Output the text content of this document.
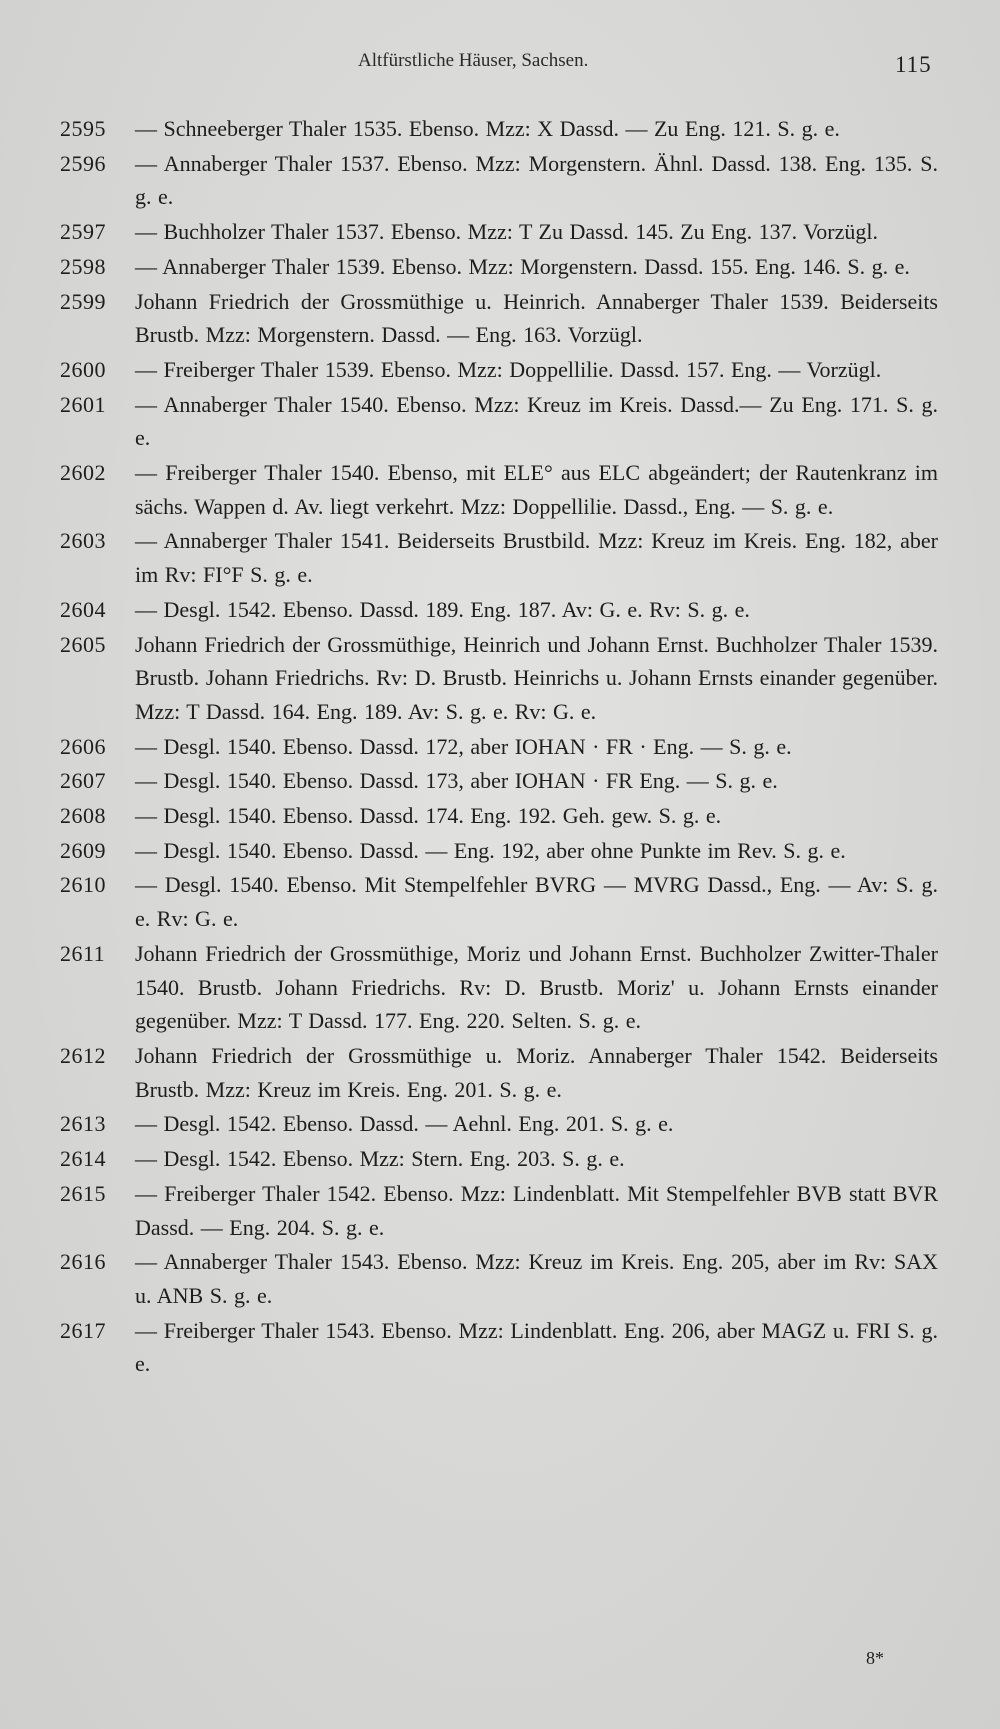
Altfürstliche Häuser, Sachsen.	115
2595 — Schneeberger Thaler 1535. Ebenso. Mzz: X Dassd. — Zu Eng. 121. S. g. e.
2596 — Annaberger Thaler 1537. Ebenso. Mzz: Morgenstern. Ähnl. Dassd. 138. Eng. 135. S. g. e.
2597 — Buchholzer Thaler 1537. Ebenso. Mzz: T Zu Dassd. 145. Zu Eng. 137. Vorzügl.
2598 — Annaberger Thaler 1539. Ebenso. Mzz: Morgenstern. Dassd. 155. Eng. 146. S. g. e.
2599 Johann Friedrich der Grossmüthige u. Heinrich. Annaberger Thaler 1539. Beiderseits Brustb. Mzz: Morgenstern. Dassd. — Eng. 163. Vorzügl.
2600 — Freiberger Thaler 1539. Ebenso. Mzz: Doppellilie. Dassd. 157. Eng. — Vorzügl.
2601 — Annaberger Thaler 1540. Ebenso. Mzz: Kreuz im Kreis. Dassd.— Zu Eng. 171. S. g. e.
2602 — Freiberger Thaler 1540. Ebenso, mit ELE° aus ELC abgeändert; der Rautenkranz im sächs. Wappen d. Av. liegt verkehrt. Mzz: Doppellilie. Dassd., Eng. — S. g. e.
2603 — Annaberger Thaler 1541. Beiderseits Brustbild. Mzz: Kreuz im Kreis. Eng. 182, aber im Rv: FI°F S. g. e.
2604 — Desgl. 1542. Ebenso. Dassd. 189. Eng. 187. Av: G. e. Rv: S. g. e.
2605 Johann Friedrich der Grossmüthige, Heinrich und Johann Ernst. Buchholzer Thaler 1539. Brustb. Johann Friedrichs. Rv: D. Brustb. Heinrichs u. Johann Ernsts einander gegenüber. Mzz: T Dassd. 164. Eng. 189. Av: S. g. e. Rv: G. e.
2606 — Desgl. 1540. Ebenso. Dassd. 172, aber IOHAN · FR · Eng. — S. g. e.
2607 — Desgl. 1540. Ebenso. Dassd. 173, aber IOHAN · FR Eng. — S. g. e.
2608 — Desgl. 1540. Ebenso. Dassd. 174. Eng. 192. Geh. gew. S. g. e.
2609 — Desgl. 1540. Ebenso. Dassd. — Eng. 192, aber ohne Punkte im Rev. S. g. e.
2610 — Desgl. 1540. Ebenso. Mit Stempelfehler BVRG — MVRG Dassd., Eng. — Av: S. g. e. Rv: G. e.
2611 Johann Friedrich der Grossmüthige, Moriz und Johann Ernst. Buchholzer Zwitter-Thaler 1540. Brustb. Johann Friedrichs. Rv: D. Brustb. Moriz' u. Johann Ernsts einander gegenüber. Mzz: T Dassd. 177. Eng. 220. Selten. S. g. e.
2612 Johann Friedrich der Grossmüthige u. Moriz. Annaberger Thaler 1542. Beiderseits Brustb. Mzz: Kreuz im Kreis. Eng. 201. S. g. e.
2613 — Desgl. 1542. Ebenso. Dassd. — Aehnl. Eng. 201. S. g. e.
2614 — Desgl. 1542. Ebenso. Mzz: Stern. Eng. 203. S. g. e.
2615 — Freiberger Thaler 1542. Ebenso. Mzz: Lindenblatt. Mit Stempelfehler BVB statt BVR Dassd. — Eng. 204. S. g. e.
2616 — Annaberger Thaler 1543. Ebenso. Mzz: Kreuz im Kreis. Eng. 205, aber im Rv: SAX u. ANB S. g. e.
2617 — Freiberger Thaler 1543. Ebenso. Mzz: Lindenblatt. Eng. 206, aber MAGZ u. FRI S. g. e.
8*
